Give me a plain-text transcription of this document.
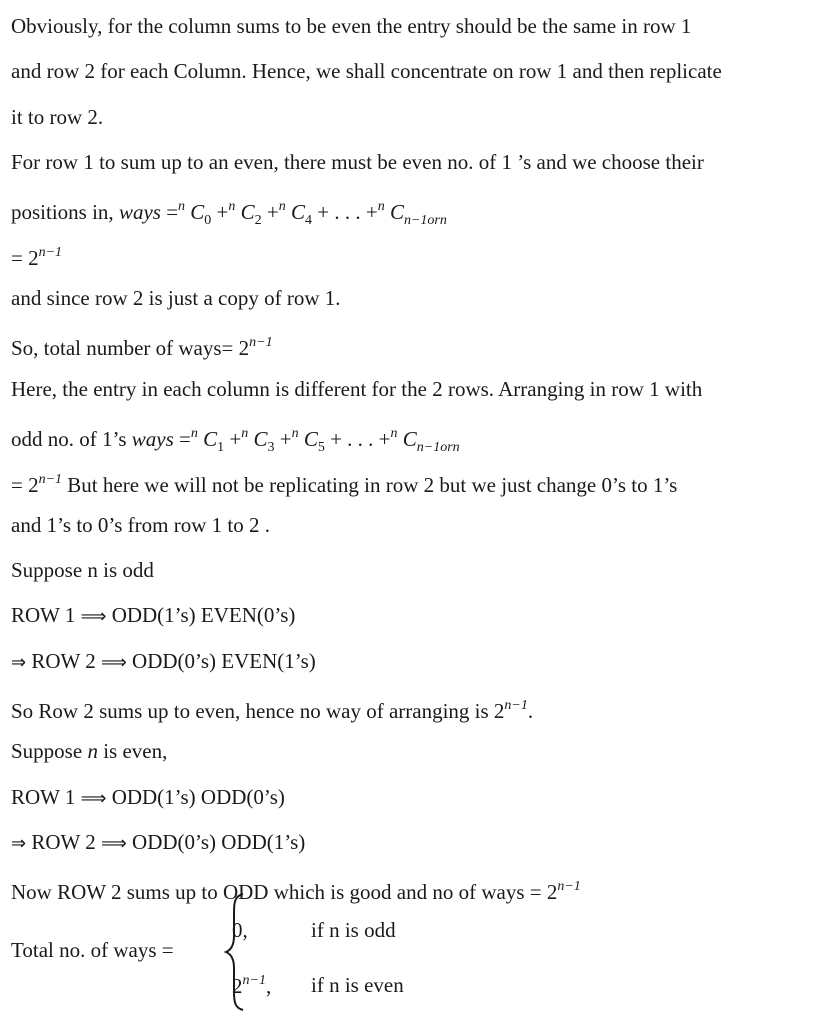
Obviously, for the column sums to be even the entry should be the same in row 1
and row 2 for each Column. Hence, we shall concentrate on row 1 and then replicate
it to row 2.
For row 1 to sum up to an even, there must be even no. of 1 ’s and we choose their
positions in, ways =$^n$ $C_0 +^n$ $C_2 +^n$ $C_4$ + . . . +$^n$ $C_{n-1orn}$
= $2^{n-1}$
and since row 2 is just a copy of row 1.
So, total number of ways= $2^{n-1}$
Here, the entry in each column is different for the 2 rows. Arranging in row 1 with
odd no. of 1’s ways =$^n$ $C_1 +^n$ $C_3 +^n$ $C_5$ + . . . +$^n$ $C_{n-1orn}$
= $2^{n-1}$ But here we will not be replicating in row 2 but we just change 0’s to 1’s
and 1’s to 0’s from row 1 to 2 .
Suppose n is odd
ROW 1 ⟹ ODD(1’s) EVEN(0’s)
⇒ ROW 2 ⟹ ODD(0’s) EVEN(1’s)
So Row 2 sums up to even, hence no way of arranging is $2^{n-1}$.
Suppose n is even,
ROW 1 ⟹ ODD(1’s) ODD(0’s)
⇒ ROW 2 ⟹ ODD(0’s) ODD(1’s)
Now ROW 2 sums up to ODD which is good and no of ways = $2^{n-1}$
Total no. of ways =
0,	if n is odd
$2^{n-1}$, if n is even
